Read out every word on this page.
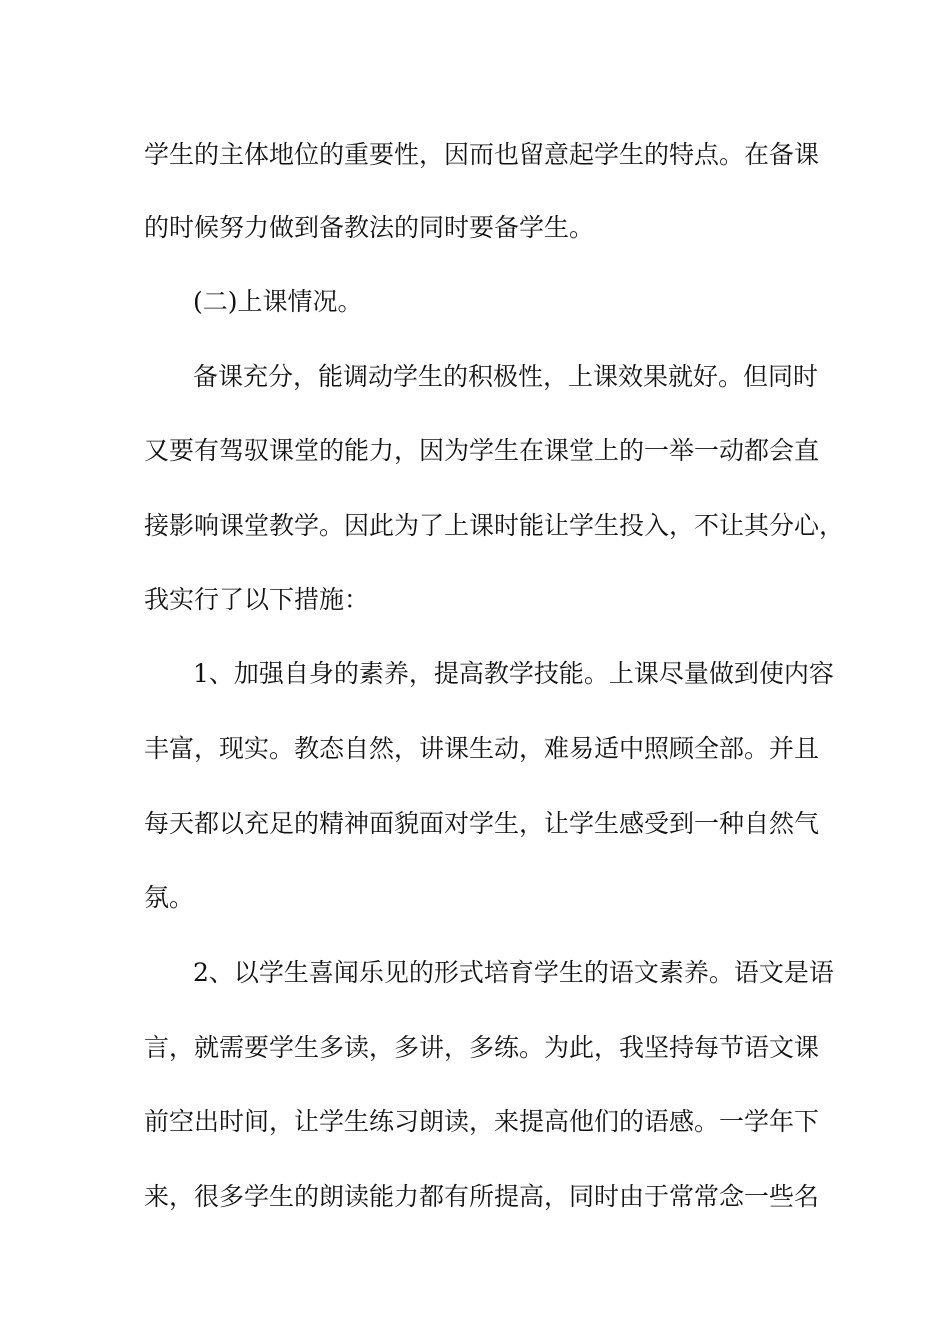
学生的主体地位的重要性，因而也留意起学生的特点。在备课
的时候努力做到备教法的同时要备学生。
(二)上课情况。
备课充分，能调动学生的积极性，上课效果就好。但同时
又要有驾驭课堂的能力，因为学生在课堂上的一举一动都会直
接影响课堂教学。因此为了上课时能让学生投入，不让其分心，
我实行了以下措施：
1、加强自身的素养，提高教学技能。上课尽量做到使内容
丰富，现实。教态自然，讲课生动，难易适中照顾全部。并且
每天都以充足的精神面貌面对学生，让学生感受到一种自然气
氛。
2、以学生喜闻乐见的形式培育学生的语文素养。语文是语
言，就需要学生多读，多讲，多练。为此，我坚持每节语文课
前空出时间，让学生练习朗读，来提高他们的语感。一学年下
来，很多学生的朗读能力都有所提高，同时由于常常念一些名
